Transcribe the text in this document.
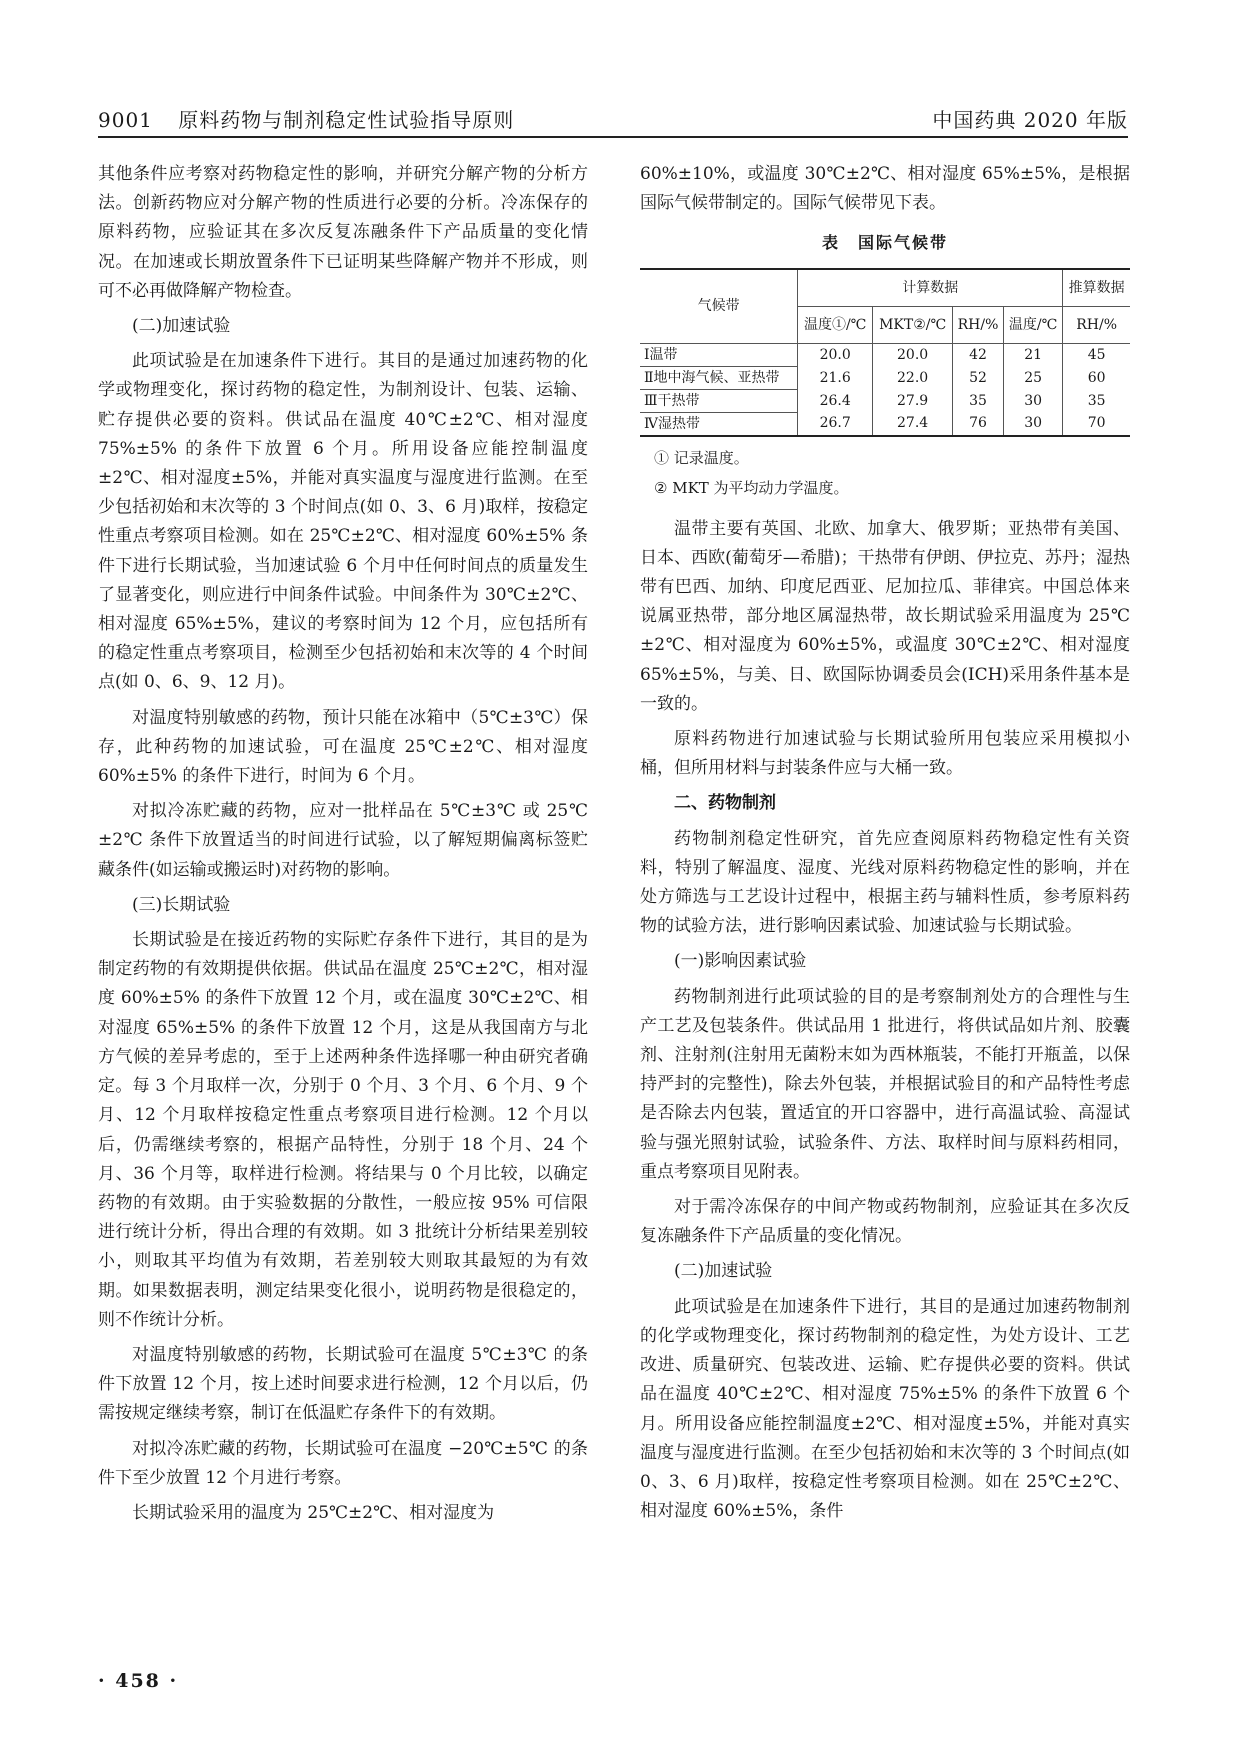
9001 原料药物与制剂稳定性试验指导原则	中国药典 2020 年版

其他条件应考察对药物稳定性的影响，并研究分解产物的分析方法。创新药物应对分解产物的性质进行必要的分析。冷冻保存的原料药物，应验证其在多次反复冻融条件下产品质量的变化情况。在加速或长期放置条件下已证明某些降解产物并不形成，则可不必再做降解产物检查。

(二)加速试验

此项试验是在加速条件下进行。其目的是通过加速药物的化学或物理变化，探讨药物的稳定性，为制剂设计、包装、运输、贮存提供必要的资料。供试品在温度 40℃±2℃、相对湿度 75%±5% 的条件下放置 6 个月。所用设备应能控制温度±2℃、相对湿度±5%，并能对真实温度与湿度进行监测。在至少包括初始和末次等的 3 个时间点(如 0、3、6 月)取样，按稳定性重点考察项目检测。如在 25℃±2℃、相对湿度 60%±5% 条件下进行长期试验，当加速试验 6 个月中任何时间点的质量发生了显著变化，则应进行中间条件试验。中间条件为 30℃±2℃、相对湿度 65%±5%，建议的考察时间为 12 个月，应包括所有的稳定性重点考察项目，检测至少包括初始和末次等的 4 个时间点(如 0、6、9、12 月)。

对温度特别敏感的药物，预计只能在冰箱中（5℃±3℃）保存，此种药物的加速试验，可在温度 25℃±2℃、相对湿度 60%±5% 的条件下进行，时间为 6 个月。

对拟冷冻贮藏的药物，应对一批样品在 5℃±3℃ 或 25℃±2℃ 条件下放置适当的时间进行试验，以了解短期偏离标签贮藏条件(如运输或搬运时)对药物的影响。

(三)长期试验

长期试验是在接近药物的实际贮存条件下进行，其目的是为制定药物的有效期提供依据。供试品在温度 25℃±2℃，相对湿度 60%±5% 的条件下放置 12 个月，或在温度 30℃±2℃、相对湿度 65%±5% 的条件下放置 12 个月，这是从我国南方与北方气候的差异考虑的，至于上述两种条件选择哪一种由研究者确定。每 3 个月取样一次，分别于 0 个月、3 个月、6 个月、9 个月、12 个月取样按稳定性重点考察项目进行检测。12 个月以后，仍需继续考察的，根据产品特性，分别于 18 个月、24 个月、36 个月等，取样进行检测。将结果与 0 个月比较，以确定药物的有效期。由于实验数据的分散性，一般应按 95% 可信限进行统计分析，得出合理的有效期。如 3 批统计分析结果差别较小，则取其平均值为有效期，若差别较大则取其最短的为有效期。如果数据表明，测定结果变化很小，说明药物是很稳定的，则不作统计分析。

对温度特别敏感的药物，长期试验可在温度 5℃±3℃ 的条件下放置 12 个月，按上述时间要求进行检测，12 个月以后，仍需按规定继续考察，制订在低温贮存条件下的有效期。

对拟冷冻贮藏的药物，长期试验可在温度 −20℃±5℃ 的条件下至少放置 12 个月进行考察。

长期试验采用的温度为 25℃±2℃、相对湿度为

60%±10%，或温度 30℃±2℃、相对湿度 65%±5%，是根据国际气候带制定的。国际气候带见下表。

表　国际气候带
气候带	计算数据				推算数据
	温度①/℃	MKT②/℃	RH/%	温度/℃	RH/%
Ⅰ温带	20.0	20.0	42	21	45
Ⅱ地中海气候、亚热带	21.6	22.0	52	25	60
Ⅲ干热带	26.4	27.9	35	30	35
Ⅳ湿热带	26.7	27.4	76	30	70
① 记录温度。
② MKT 为平均动力学温度。

温带主要有英国、北欧、加拿大、俄罗斯；亚热带有美国、日本、西欧(葡萄牙—希腊)；干热带有伊朗、伊拉克、苏丹；湿热带有巴西、加纳、印度尼西亚、尼加拉瓜、菲律宾。中国总体来说属亚热带，部分地区属湿热带，故长期试验采用温度为 25℃±2℃、相对湿度为 60%±5%，或温度 30℃±2℃、相对湿度 65%±5%，与美、日、欧国际协调委员会(ICH)采用条件基本是一致的。

原料药物进行加速试验与长期试验所用包装应采用模拟小桶，但所用材料与封装条件应与大桶一致。

二、药物制剂

药物制剂稳定性研究，首先应查阅原料药物稳定性有关资料，特别了解温度、湿度、光线对原料药物稳定性的影响，并在处方筛选与工艺设计过程中，根据主药与辅料性质，参考原料药物的试验方法，进行影响因素试验、加速试验与长期试验。

(一)影响因素试验

药物制剂进行此项试验的目的是考察制剂处方的合理性与生产工艺及包装条件。供试品用 1 批进行，将供试品如片剂、胶囊剂、注射剂(注射用无菌粉末如为西林瓶装，不能打开瓶盖，以保持严封的完整性)，除去外包装，并根据试验目的和产品特性考虑是否除去内包装，置适宜的开口容器中，进行高温试验、高湿试验与强光照射试验，试验条件、方法、取样时间与原料药相同，重点考察项目见附表。

对于需冷冻保存的中间产物或药物制剂，应验证其在多次反复冻融条件下产品质量的变化情况。

(二)加速试验

此项试验是在加速条件下进行，其目的是通过加速药物制剂的化学或物理变化，探讨药物制剂的稳定性，为处方设计、工艺改进、质量研究、包装改进、运输、贮存提供必要的资料。供试品在温度 40℃±2℃、相对湿度 75%±5% 的条件下放置 6 个月。所用设备应能控制温度±2℃、相对湿度±5%，并能对真实温度与湿度进行监测。在至少包括初始和末次等的 3 个时间点(如 0、3、6 月)取样，按稳定性考察项目检测。如在 25℃±2℃、相对湿度 60%±5%，条件

· 458 ·
